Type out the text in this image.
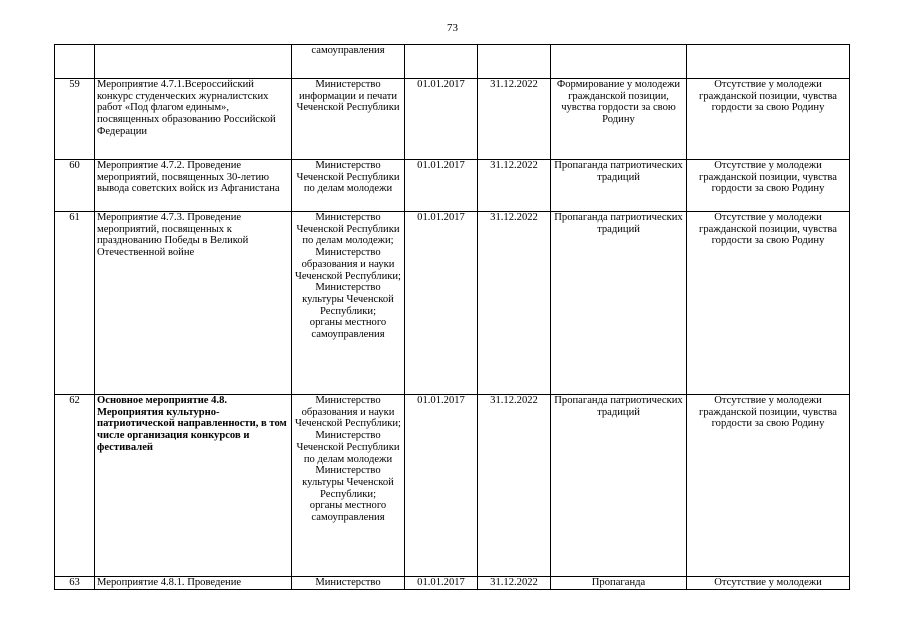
73
		самоуправления				
59	Мероприятие 4.7.1.Всероссийский конкурс студенческих журналистских работ «Под флагом единым», посвященных образованию Российской Федерации	Министерство информации и печати Чеченской Республики	01.01.2017	31.12.2022	Формирование у молодежи гражданской позиции, чувства гордости за свою Родину	Отсутствие у молодежи гражданской позиции, чувства гордости за свою Родину
60	Мероприятие 4.7.2. Проведение мероприятий, посвященных 30-летию вывода советских войск из Афганистана	Министерство Чеченской Республики по делам молодежи	01.01.2017	31.12.2022	Пропаганда патриотических традиций	Отсутствие у молодежи гражданской позиции, чувства гордости за свою Родину
61	Мероприятие 4.7.3. Проведение мероприятий, посвященных к празднованию Победы в Великой Отечественной войне	Министерство Чеченской Республики по делам молодежи;
Министерство образования и науки Чеченской Республики;
Министерство культуры Чеченской Республики;
органы местного самоуправления	01.01.2017	31.12.2022	Пропаганда патриотических традиций	Отсутствие у молодежи гражданской позиции, чувства гордости за свою Родину
62	Основное мероприятие 4.8. Мероприятия культурно-патриотической направленности, в том числе организация конкурсов и фестивалей	Министерство образования и науки Чеченской Республики;
Министерство Чеченской Республики по делам молодежи
Министерство культуры Чеченской Республики;
органы местного самоуправления	01.01.2017	31.12.2022	Пропаганда патриотических традиций	Отсутствие у молодежи гражданской позиции, чувства гордости за свою Родину
63	Мероприятие 4.8.1. Проведение	Министерство	01.01.2017	31.12.2022	Пропаганда	Отсутствие у молодежи
